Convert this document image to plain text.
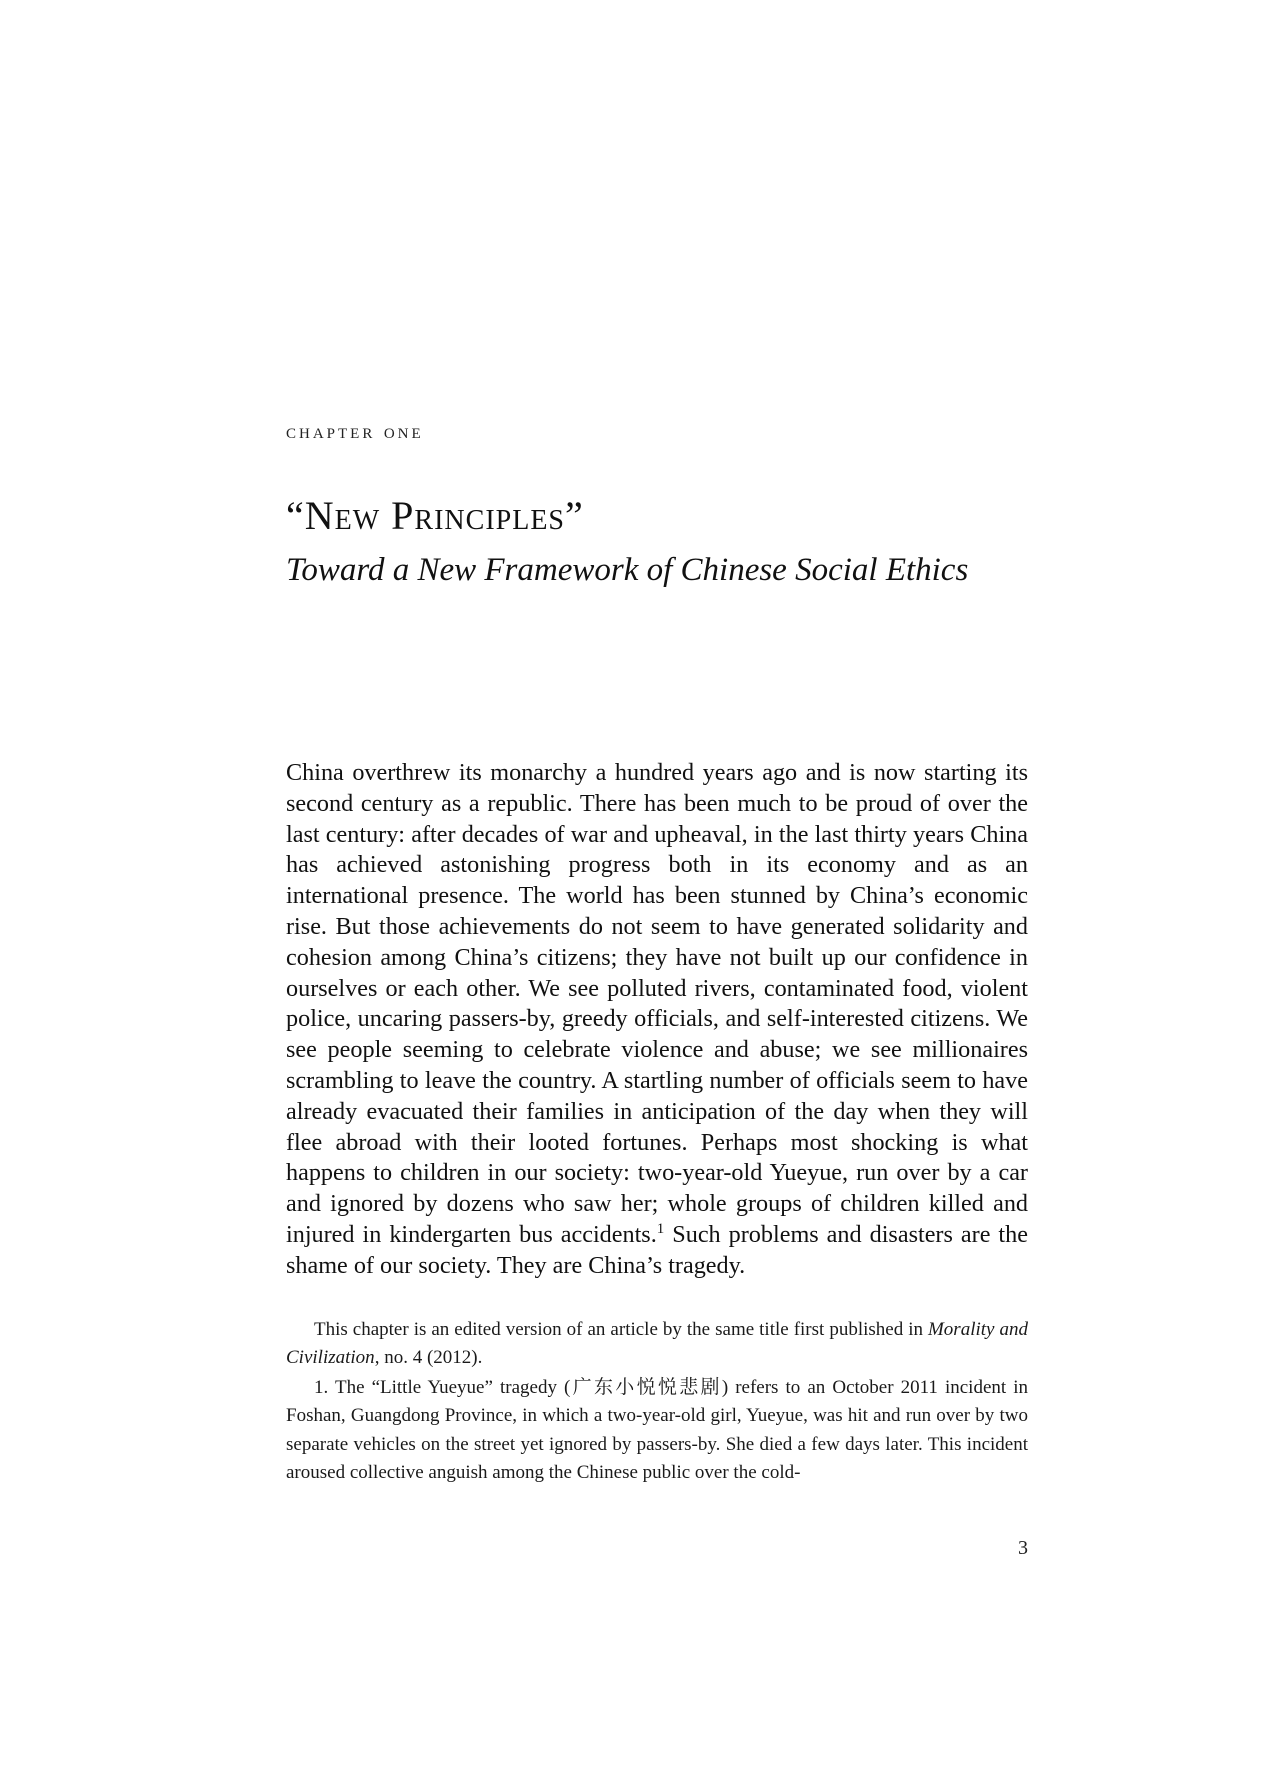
chapter one
“New Principles”
Toward a New Framework of Chinese Social Ethics

China overthrew its monarchy a hundred years ago and is now starting its second century as a republic. There has been much to be proud of over the last century: after decades of war and upheaval, in the last thirty years China has achieved astonishing progress both in its economy and as an international presence. The world has been stunned by China’s economic rise. But those achievements do not seem to have generated solidarity and cohesion among China’s citizens; they have not built up our confidence in ourselves or each other. We see polluted rivers, contaminated food, violent police, uncaring passers-by, greedy officials, and self-interested citizens. We see people seeming to celebrate violence and abuse; we see millionaires scrambling to leave the country. A startling number of officials seem to have already evacuated their families in anticipation of the day when they will flee abroad with their looted fortunes. Perhaps most shocking is what happens to children in our society: two-year-old Yueyue, run over by a car and ignored by dozens who saw her; whole groups of children killed and injured in kindergarten bus accidents.$^1$ Such problems and disasters are the shame of our society. They are China’s tragedy.

This chapter is an edited version of an article by the same title first published in Morality and Civilization, no. 4 (2012).

1. The “Little Yueyue” tragedy (广东小悦悦悲剧) refers to an October 2011 incident in Foshan, Guangdong Province, in which a two-year-old girl, Yueyue, was hit and run over by two separate vehicles on the street yet ignored by passers-by. She died a few days later. This incident aroused collective anguish among the Chinese public over the cold-

3
